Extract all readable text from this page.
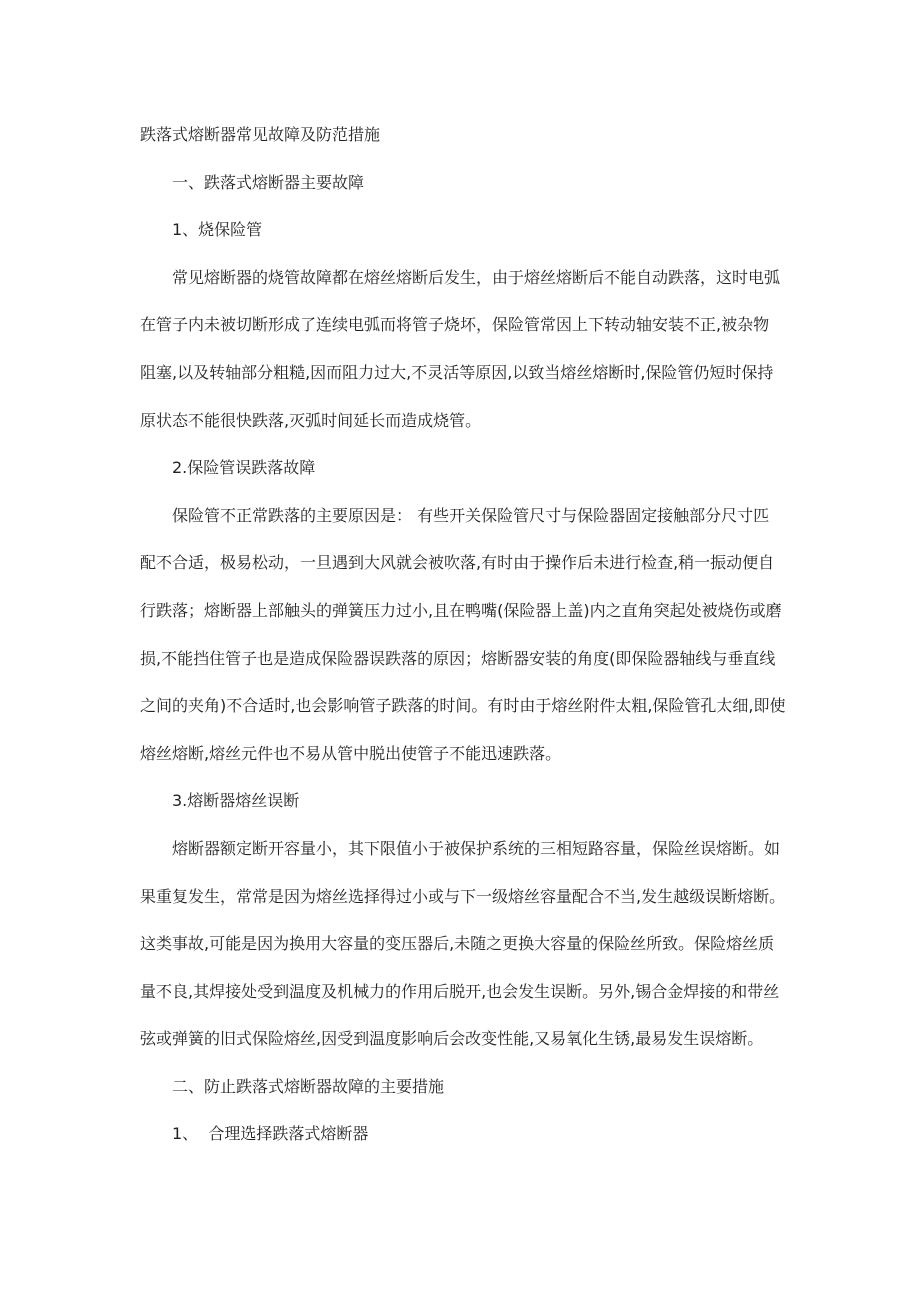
跌落式熔断器常见故障及防范措施
一、跌落式熔断器主要故障
1、烧保险管
常见熔断器的烧管故障都在熔丝熔断后发生，由于熔丝熔断后不能自动跌落，这时电弧
在管子内未被切断形成了连续电弧而将管子烧坏，保险管常因上下转动轴安装不正,被杂物
阻塞,以及转轴部分粗糙,因而阻力过大,不灵活等原因,以致当熔丝熔断时,保险管仍短时保持
原状态不能很快跌落,灭弧时间延长而造成烧管。
2.保险管误跌落故障
保险管不正常跌落的主要原因是： 有些开关保险管尺寸与保险器固定接触部分尺寸匹
配不合适，极易松动，一旦遇到大风就会被吹落,有时由于操作后未进行检查,稍一振动便自
行跌落；熔断器上部触头的弹簧压力过小,且在鸭嘴(保险器上盖)内之直角突起处被烧伤或磨
损,不能挡住管子也是造成保险器误跌落的原因；熔断器安装的角度(即保险器轴线与垂直线
之间的夹角)不合适时,也会影响管子跌落的时间。有时由于熔丝附件太粗,保险管孔太细,即使
熔丝熔断,熔丝元件也不易从管中脱出使管子不能迅速跌落。
3.熔断器熔丝误断
熔断器额定断开容量小，其下限值小于被保护系统的三相短路容量，保险丝误熔断。如
果重复发生，常常是因为熔丝选择得过小或与下一级熔丝容量配合不当,发生越级误断熔断。
这类事故,可能是因为换用大容量的变压器后,未随之更换大容量的保险丝所致。保险熔丝质
量不良,其焊接处受到温度及机械力的作用后脱开,也会发生误断。另外,锡合金焊接的和带丝
弦或弹簧的旧式保险熔丝,因受到温度影响后会改变性能,又易氧化生锈,最易发生误熔断。
二、防止跌落式熔断器故障的主要措施
1、  合理选择跌落式熔断器
